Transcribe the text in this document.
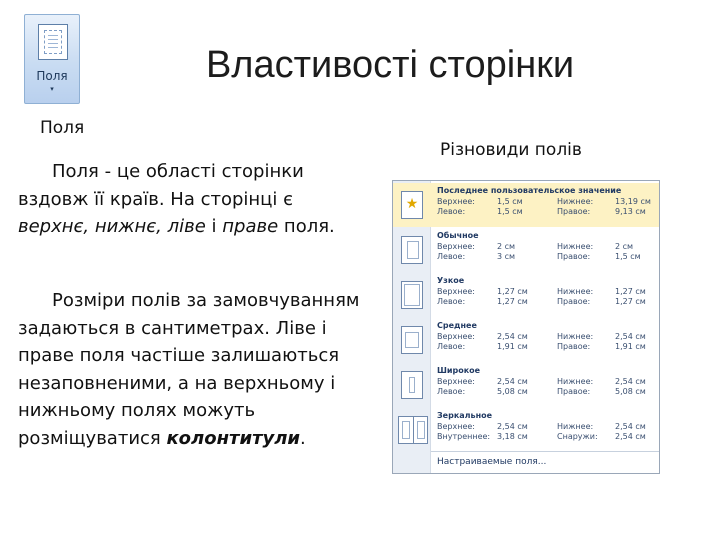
Поля
▾
Властивості сторінки
Поля
Поля - це області сторінки вздовж її країв. На сторінці є верхнє, нижнє, ліве і праве поля.
Розміри полів за замовчуванням задаються в сантиметрах. Ліве і праве поля частіше залишаються незаповненими, а на верхньому і нижньому полях можуть розміщуватися колонтитули.
Різновиди полів
★
Последнее пользовательское значение
Верхнее:	1,5 см	Нижнее:	13,19 см
Левое:	1,5 см	Правое:	9,13 см
Обычное
Верхнее:	2 см	Нижнее:	2 см
Левое:	3 см	Правое:	1,5 см
Узкое
Верхнее:	1,27 см	Нижнее:	1,27 см
Левое:	1,27 см	Правое:	1,27 см
Среднее
Верхнее:	2,54 см	Нижнее:	2,54 см
Левое:	1,91 см	Правое:	1,91 см
Широкое
Верхнее:	2,54 см	Нижнее:	2,54 см
Левое:	5,08 см	Правое:	5,08 см
Зеркальное
Верхнее:	2,54 см	Нижнее:	2,54 см
Внутреннее: 3,18 см	Снаружи: 2,54 см
Настраиваемые поля...
